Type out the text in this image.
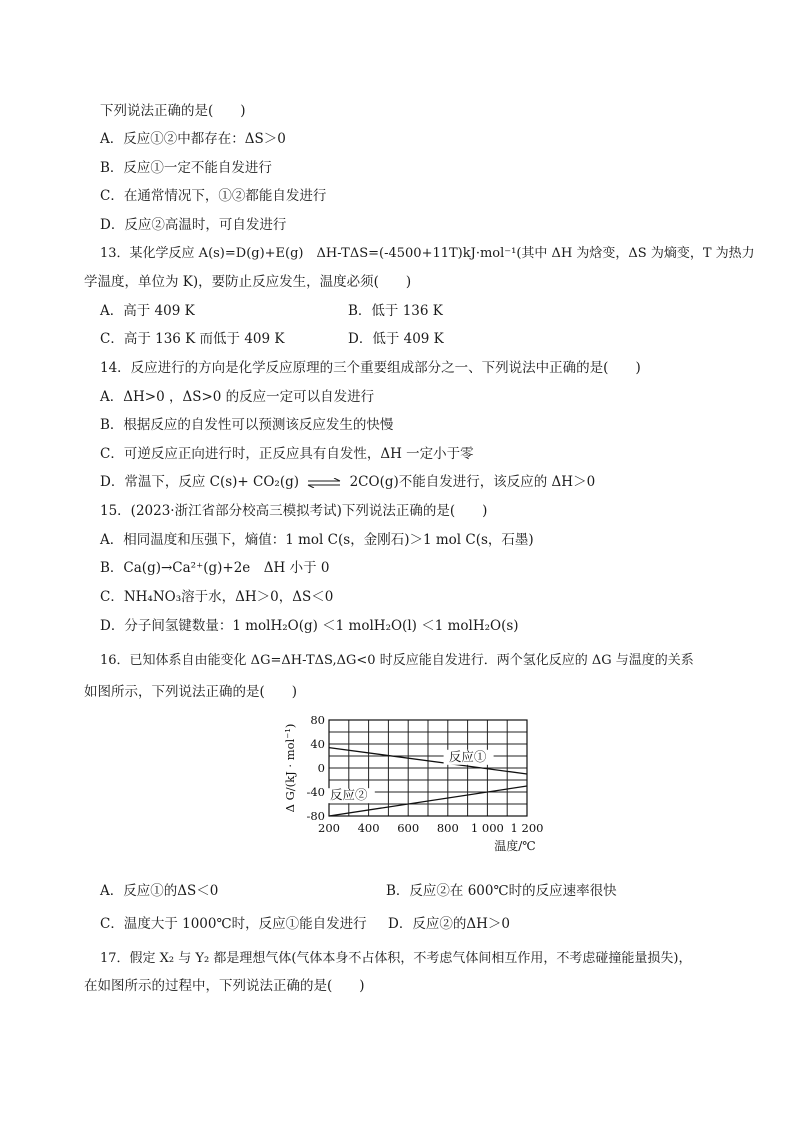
下列说法正确的是(　　)
A．反应①②中都存在：ΔS＞0
B．反应①一定不能自发进行
C．在通常情况下，①②都能自发进行
D．反应②高温时，可自发进行
13．某化学反应 A(s)=D(g)+E(g)　ΔH-TΔS=(-4500+11T)kJ·mol⁻¹(其中 ΔH 为焓变，ΔS 为熵变，T 为热力
学温度，单位为 K)，要防止反应发生，温度必须(　　)
A．高于 409 K	B．低于 136 K
C．高于 136 K 而低于 409 K	D．低于 409 K
14．反应进行的方向是化学反应原理的三个重要组成部分之一、下列说法中正确的是(　　)
A．ΔH>0 ，ΔS>0 的反应一定可以自发进行
B．根据反应的自发性可以预测该反应发生的快慢
C．可逆反应正向进行时，正反应具有自发性，ΔH 一定小于零
D．常温下，反应 C(s)+ CO₂(g) ⇌ 2CO(g)不能自发进行，该反应的 ΔH＞0
15．(2023·浙江省部分校高三模拟考试)下列说法正确的是(　　)
A．相同温度和压强下，熵值：1 mol C(s，金刚石)＞1 mol C(s，石墨)
B．Ca(g)→Ca²⁺(g)+2e　ΔH 小于 0
C．NH₄NO₃溶于水，ΔH＞0，ΔS＜0
D．分子间氢键数量：1 molH₂O(g) ＜1 molH₂O(l) ＜1 molH₂O(s)
16．已知体系自由能变化 ΔG=ΔH-TΔS,ΔG<0 时反应能自发进行．两个氢化反应的 ΔG 与温度的关系
如图所示，下列说法正确的是(　　)
80
40
0
-40
-80
200 400 600 800 1 000 1 200
反应①
反应②
Δ G/(kJ · mol⁻¹)
温度/℃
A．反应①的ΔS＜0	B．反应②在 600℃时的反应速率很快
C．温度大于 1000℃时，反应①能自发进行 D．反应②的ΔH＞0
17．假定 X₂ 与 Y₂ 都是理想气体(气体本身不占体积，不考虑气体间相互作用，不考虑碰撞能量损失)，
在如图所示的过程中，下列说法正确的是(　　)
